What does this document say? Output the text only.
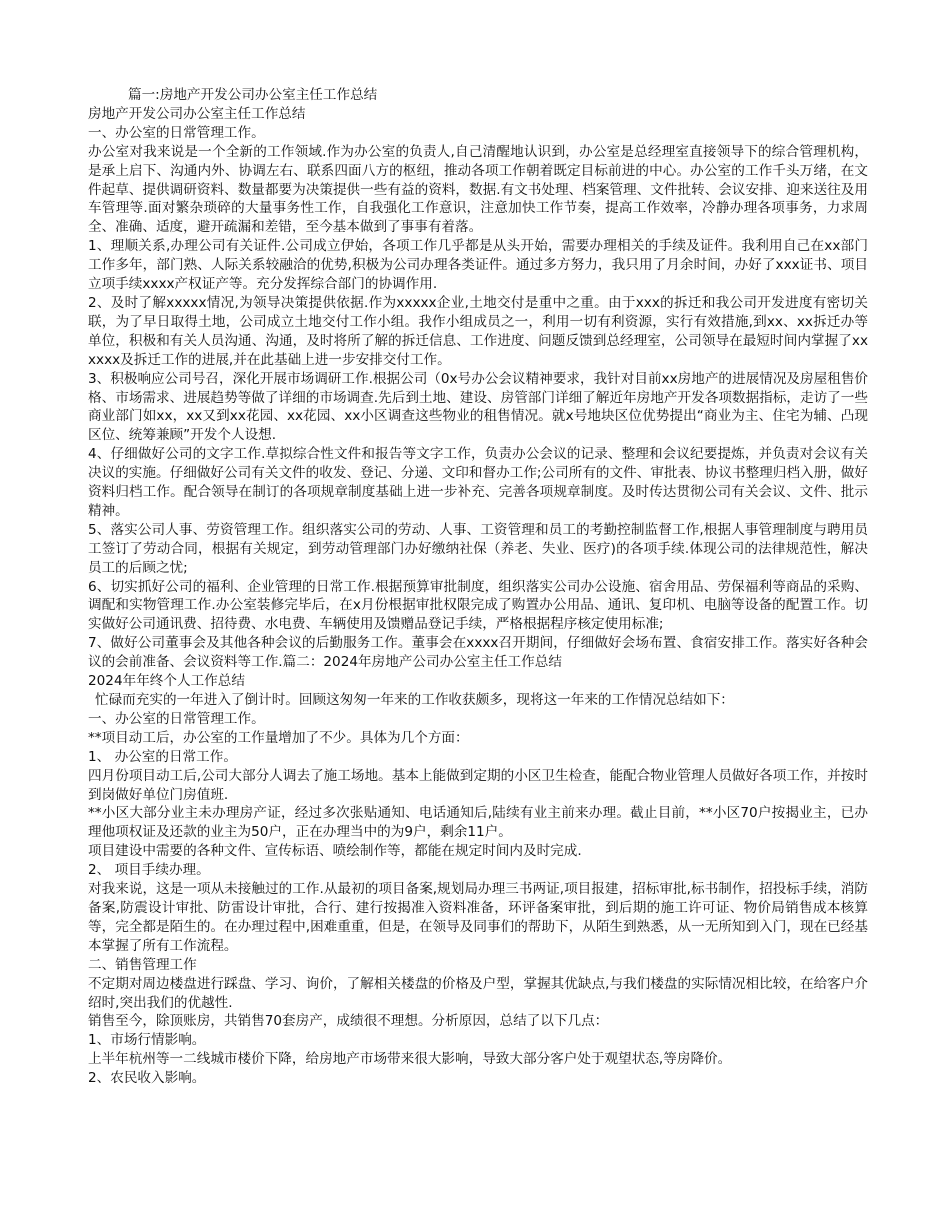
篇一:房地产开发公司办公室主任工作总结

房地产开发公司办公室主任工作总结

一、办公室的日常管理工作。

办公室对我来说是一个全新的工作领域.作为办公室的负责人,自己清醒地认识到，办公室是总经理室直接领导下的综合管理机构，是承上启下、沟通内外、协调左右、联系四面八方的枢纽，推动各项工作朝着既定目标前进的中心。办公室的工作千头万绪，在文件起草、提供调研资料、数量都要为决策提供一些有益的资料，数据.有文书处理、档案管理、文件批转、会议安排、迎来送往及用车管理等.面对繁杂琐碎的大量事务性工作，自我强化工作意识，注意加快工作节奏，提高工作效率，冷静办理各项事务，力求周全、准确、适度，避开疏漏和差错，至今基本做到了事事有着落。

1、理顺关系,办理公司有关证件.公司成立伊始，各项工作几乎都是从头开始，需要办理相关的手续及证件。我利用自己在xx部门工作多年，部门熟、人际关系较融洽的优势,积极为公司办理各类证件。通过多方努力，我只用了月余时间，办好了xxx证书、项目立项手续xxxx产权证产等。充分发挥综合部门的协调作用.

2、及时了解xxxxx情况,为领导决策提供依据.作为xxxxx企业,土地交付是重中之重。由于xxx的拆迁和我公司开发进度有密切关联，为了早日取得土地，公司成立土地交付工作小组。我作小组成员之一，利用一切有利资源，实行有效措施,到xx、xx拆迁办等单位，积极和有关人员沟通、沟通，及时将所了解的拆迁信息、工作进度、问题反馈到总经理室，公司领导在最短时间内掌握了xxxxxx及拆迁工作的进展,并在此基础上进一步安排交付工作。

3、积极响应公司号召，深化开展市场调研工作.根据公司（0x号办公会议精神要求，我针对目前xx房地产的进展情况及房屋租售价格、市场需求、进展趋势等做了详细的市场调查.先后到土地、建设、房管部门详细了解近年房地产开发各项数据指标，走访了一些商业部门如xx，xx又到xx花园、xx花园、xx小区调查这些物业的租售情况。就x号地块区位优势提出“商业为主、住宅为辅、凸现区位、统筹兼顾”开发个人设想.

4、仔细做好公司的文字工作.草拟综合性文件和报告等文字工作，负责办公会议的记录、整理和会议纪要提炼，并负责对会议有关决议的实施。仔细做好公司有关文件的收发、登记、分递、文印和督办工作;公司所有的文件、审批表、协议书整理归档入册，做好资料归档工作。配合领导在制订的各项规章制度基础上进一步补充、完善各项规章制度。及时传达贯彻公司有关会议、文件、批示精神。

5、落实公司人事、劳资管理工作。组织落实公司的劳动、人事、工资管理和员工的考勤控制监督工作,根据人事管理制度与聘用员工签订了劳动合同，根据有关规定，到劳动管理部门办好缴纳社保（养老、失业、医疗)的各项手续.体现公司的法律规范性，解决员工的后顾之忧;

6、切实抓好公司的福利、企业管理的日常工作.根据预算审批制度，组织落实公司办公设施、宿舍用品、劳保福利等商品的采购、调配和实物管理工作.办公室装修完毕后，在x月份根据审批权限完成了购置办公用品、通讯、复印机、电脑等设备的配置工作。切实做好公司通讯费、招待费、水电费、车辆使用及馈赠品登记手续，严格根据程序核定使用标准;

7、做好公司董事会及其他各种会议的后勤服务工作。董事会在xxxx召开期间，仔细做好会场布置、食宿安排工作。落实好各种会议的会前准备、会议资料等工作.篇二：2024年房地产公司办公室主任工作总结

2024年年终个人工作总结

忙碌而充实的一年进入了倒计时。回顾这匆匆一年来的工作收获颇多，现将这一年来的工作情况总结如下：

一、办公室的日常管理工作。

**项目动工后，办公室的工作量增加了不少。具体为几个方面：

1、 办公室的日常工作。

四月份项目动工后,公司大部分人调去了施工场地。基本上能做到定期的小区卫生检查，能配合物业管理人员做好各项工作，并按时到岗做好单位门房值班.

**小区大部分业主未办理房产证，经过多次张贴通知、电话通知后,陆续有业主前来办理。截止目前，**小区70户按揭业主，已办理他项权证及还款的业主为50户，正在办理当中的为9户，剩余11户。

项目建设中需要的各种文件、宣传标语、喷绘制作等，都能在规定时间内及时完成.

2、 项目手续办理。

对我来说，这是一项从未接触过的工作.从最初的项目备案,规划局办理三书两证,项目报建，招标审批,标书制作，招投标手续，消防备案,防震设计审批、防雷设计审批，合行、建行按揭准入资料准备，环评备案审批，到后期的施工许可证、物价局销售成本核算等，完全都是陌生的。在办理过程中,困难重重，但是，在领导及同事们的帮助下，从陌生到熟悉，从一无所知到入门，现在已经基本掌握了所有工作流程。

二、销售管理工作

不定期对周边楼盘进行踩盘、学习、询价，了解相关楼盘的价格及户型，掌握其优缺点,与我们楼盘的实际情况相比较，在给客户介绍时,突出我们的优越性.

销售至今，除顶账房，共销售70套房产，成绩很不理想。分析原因，总结了以下几点：

1、市场行情影响。

上半年杭州等一二线城市楼价下降，给房地产市场带来很大影响，导致大部分客户处于观望状态,等房降价。

2、农民收入影响。
